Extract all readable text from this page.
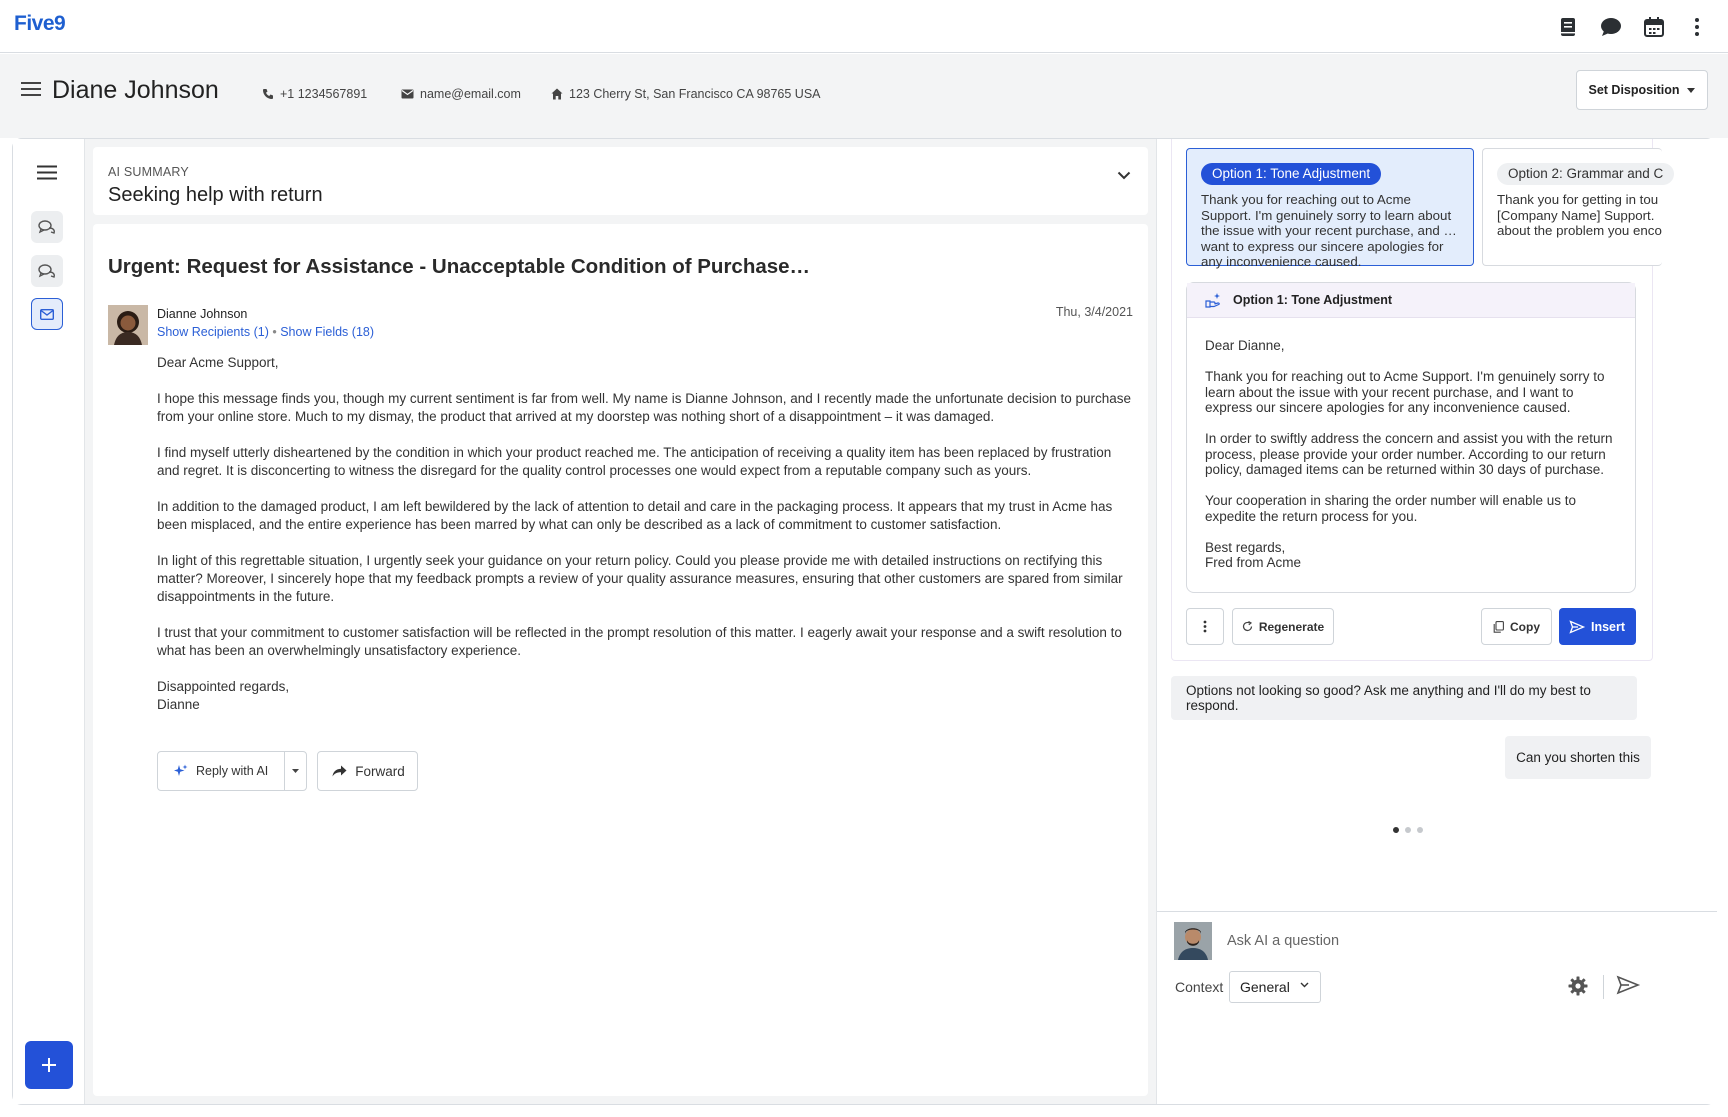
Five9
Diane Johnson	+1 1234567891	name@email.com	123 Cherry St, San Francisco CA 98765 USA	Set Disposition
AI SUMMARY
Seeking help with return
Urgent: Request for Assistance - Unacceptable Condition of Purchase…
Dianne Johnson
Show Recipients (1) • Show Fields (18)
Thu, 3/4/2021

Dear Acme Support,

I hope this message finds you, though my current sentiment is far from well. My name is Dianne Johnson, and I recently made the unfortunate decision to purchase from your online store. Much to my dismay, the product that arrived at my doorstep was nothing short of a disappointment – it was damaged.

I find myself utterly disheartened by the condition in which your product reached me. The anticipation of receiving a quality item has been replaced by frustration and regret. It is disconcerting to witness the disregard for the quality control processes one would expect from a reputable company such as yours.

In addition to the damaged product, I am left bewildered by the lack of attention to detail and care in the packaging process. It appears that my trust in Acme has been misplaced, and the entire experience has been marred by what can only be described as a lack of commitment to customer satisfaction.

In light of this regrettable situation, I urgently seek your guidance on your return policy. Could you please provide me with detailed instructions on rectifying this matter? Moreover, I sincerely hope that my feedback prompts a review of your quality assurance measures, ensuring that other customers are spared from similar disappointments in the future.

I trust that your commitment to customer satisfaction will be reflected in the prompt resolution of this matter. I eagerly await your response and a swift resolution to what has been an overwhelmingly unsatisfactory experience.

Disappointed regards,
Dianne

Reply with AI	Forward
Option 1: Tone Adjustment
Thank you for reaching out to Acme Support. I'm genuinely sorry to learn about the issue with your recent purchase, and I want to express our sincere apologies for any inconvenience caused.
Option 2: Grammar and C
Thank you for getting in tou
[Company Name] Support.
about the problem you enco
Option 1: Tone Adjustment

Dear Dianne,

Thank you for reaching out to Acme Support. I'm genuinely sorry to learn about the issue with your recent purchase, and I want to express our sincere apologies for any inconvenience caused.

In order to swiftly address the concern and assist you with the return process, please provide your order number. According to our return policy, damaged items can be returned within 30 days of purchase.

Your cooperation in sharing the order number will enable us to expedite the return process for you.

Best regards,
Fred from Acme

Regenerate	Copy	Insert
Options not looking so good? Ask me anything and I'll do my best to respond.
Can you shorten this
Ask AI a question
Context General
